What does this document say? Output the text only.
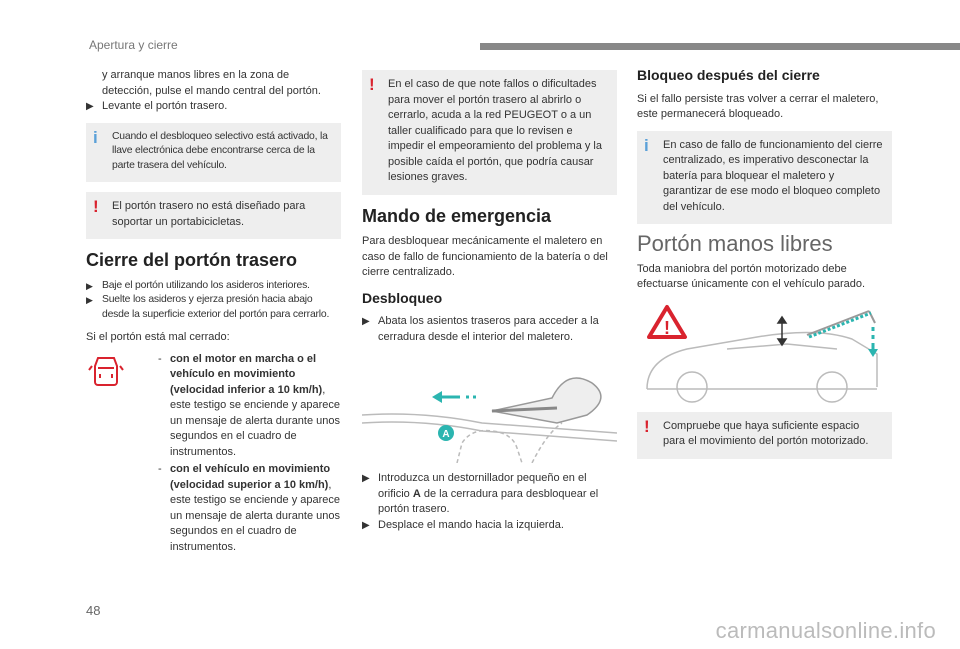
Apertura y cierre

y arranque manos libres en la zona de detección, pulse el mando central del portón.

▶ Levante el portón trasero.

i Cuando el desbloqueo selectivo está activado, la llave electrónica debe encontrarse cerca de la parte trasera del vehículo.
! El portón trasero no está diseñado para soportar un portabicicletas.
Cierre del portón trasero

▶ Baje el portón utilizando los asideros interiores.

▶ Suelte los asideros y ejerza presión hacia abajo desde la superficie exterior del portón para cerrarlo.

Si el portón está mal cerrado:

- con el motor en marcha o el vehículo en movimiento (velocidad inferior a 10 km/h), este testigo se enciende y aparece un mensaje de alerta durante unos segundos en el cuadro de instrumentos.
- con el vehículo en movimiento (velocidad superior a 10 km/h), este testigo se enciende y aparece un mensaje de alerta durante unos segundos en el cuadro de instrumentos.
! En el caso de que note fallos o dificultades para mover el portón trasero al abrirlo o cerrarlo, acuda a la red PEUGEOT o a un taller cualificado para que lo revisen e impedir el empeoramiento del problema y la posible caída el portón, que podría causar lesiones graves.
Mando de emergencia

Para desbloquear mecánicamente el maletero en caso de fallo de funcionamiento de la batería o del cierre centralizado.

Desbloqueo

▶ Abata los asientos traseros para acceder a la cerradura desde el interior del maletero.

A

▶ Introduzca un destornillador pequeño en el orificio A de la cerradura para desbloquear el portón trasero.

▶ Desplace el mando hacia la izquierda.

Bloqueo después del cierre

Si el fallo persiste tras volver a cerrar el maletero, este permanecerá bloqueado.

i En caso de fallo de funcionamiento del cierre centralizado, es imperativo desconectar la batería para bloquear el maletero y garantizar de ese modo el bloqueo completo del vehículo.
Portón manos libres

Toda maniobra del portón motorizado debe efectuarse únicamente con el vehículo parado.

!
! Compruebe que haya suficiente espacio para el movimiento del portón motorizado.
48
carmanualsonline.info
